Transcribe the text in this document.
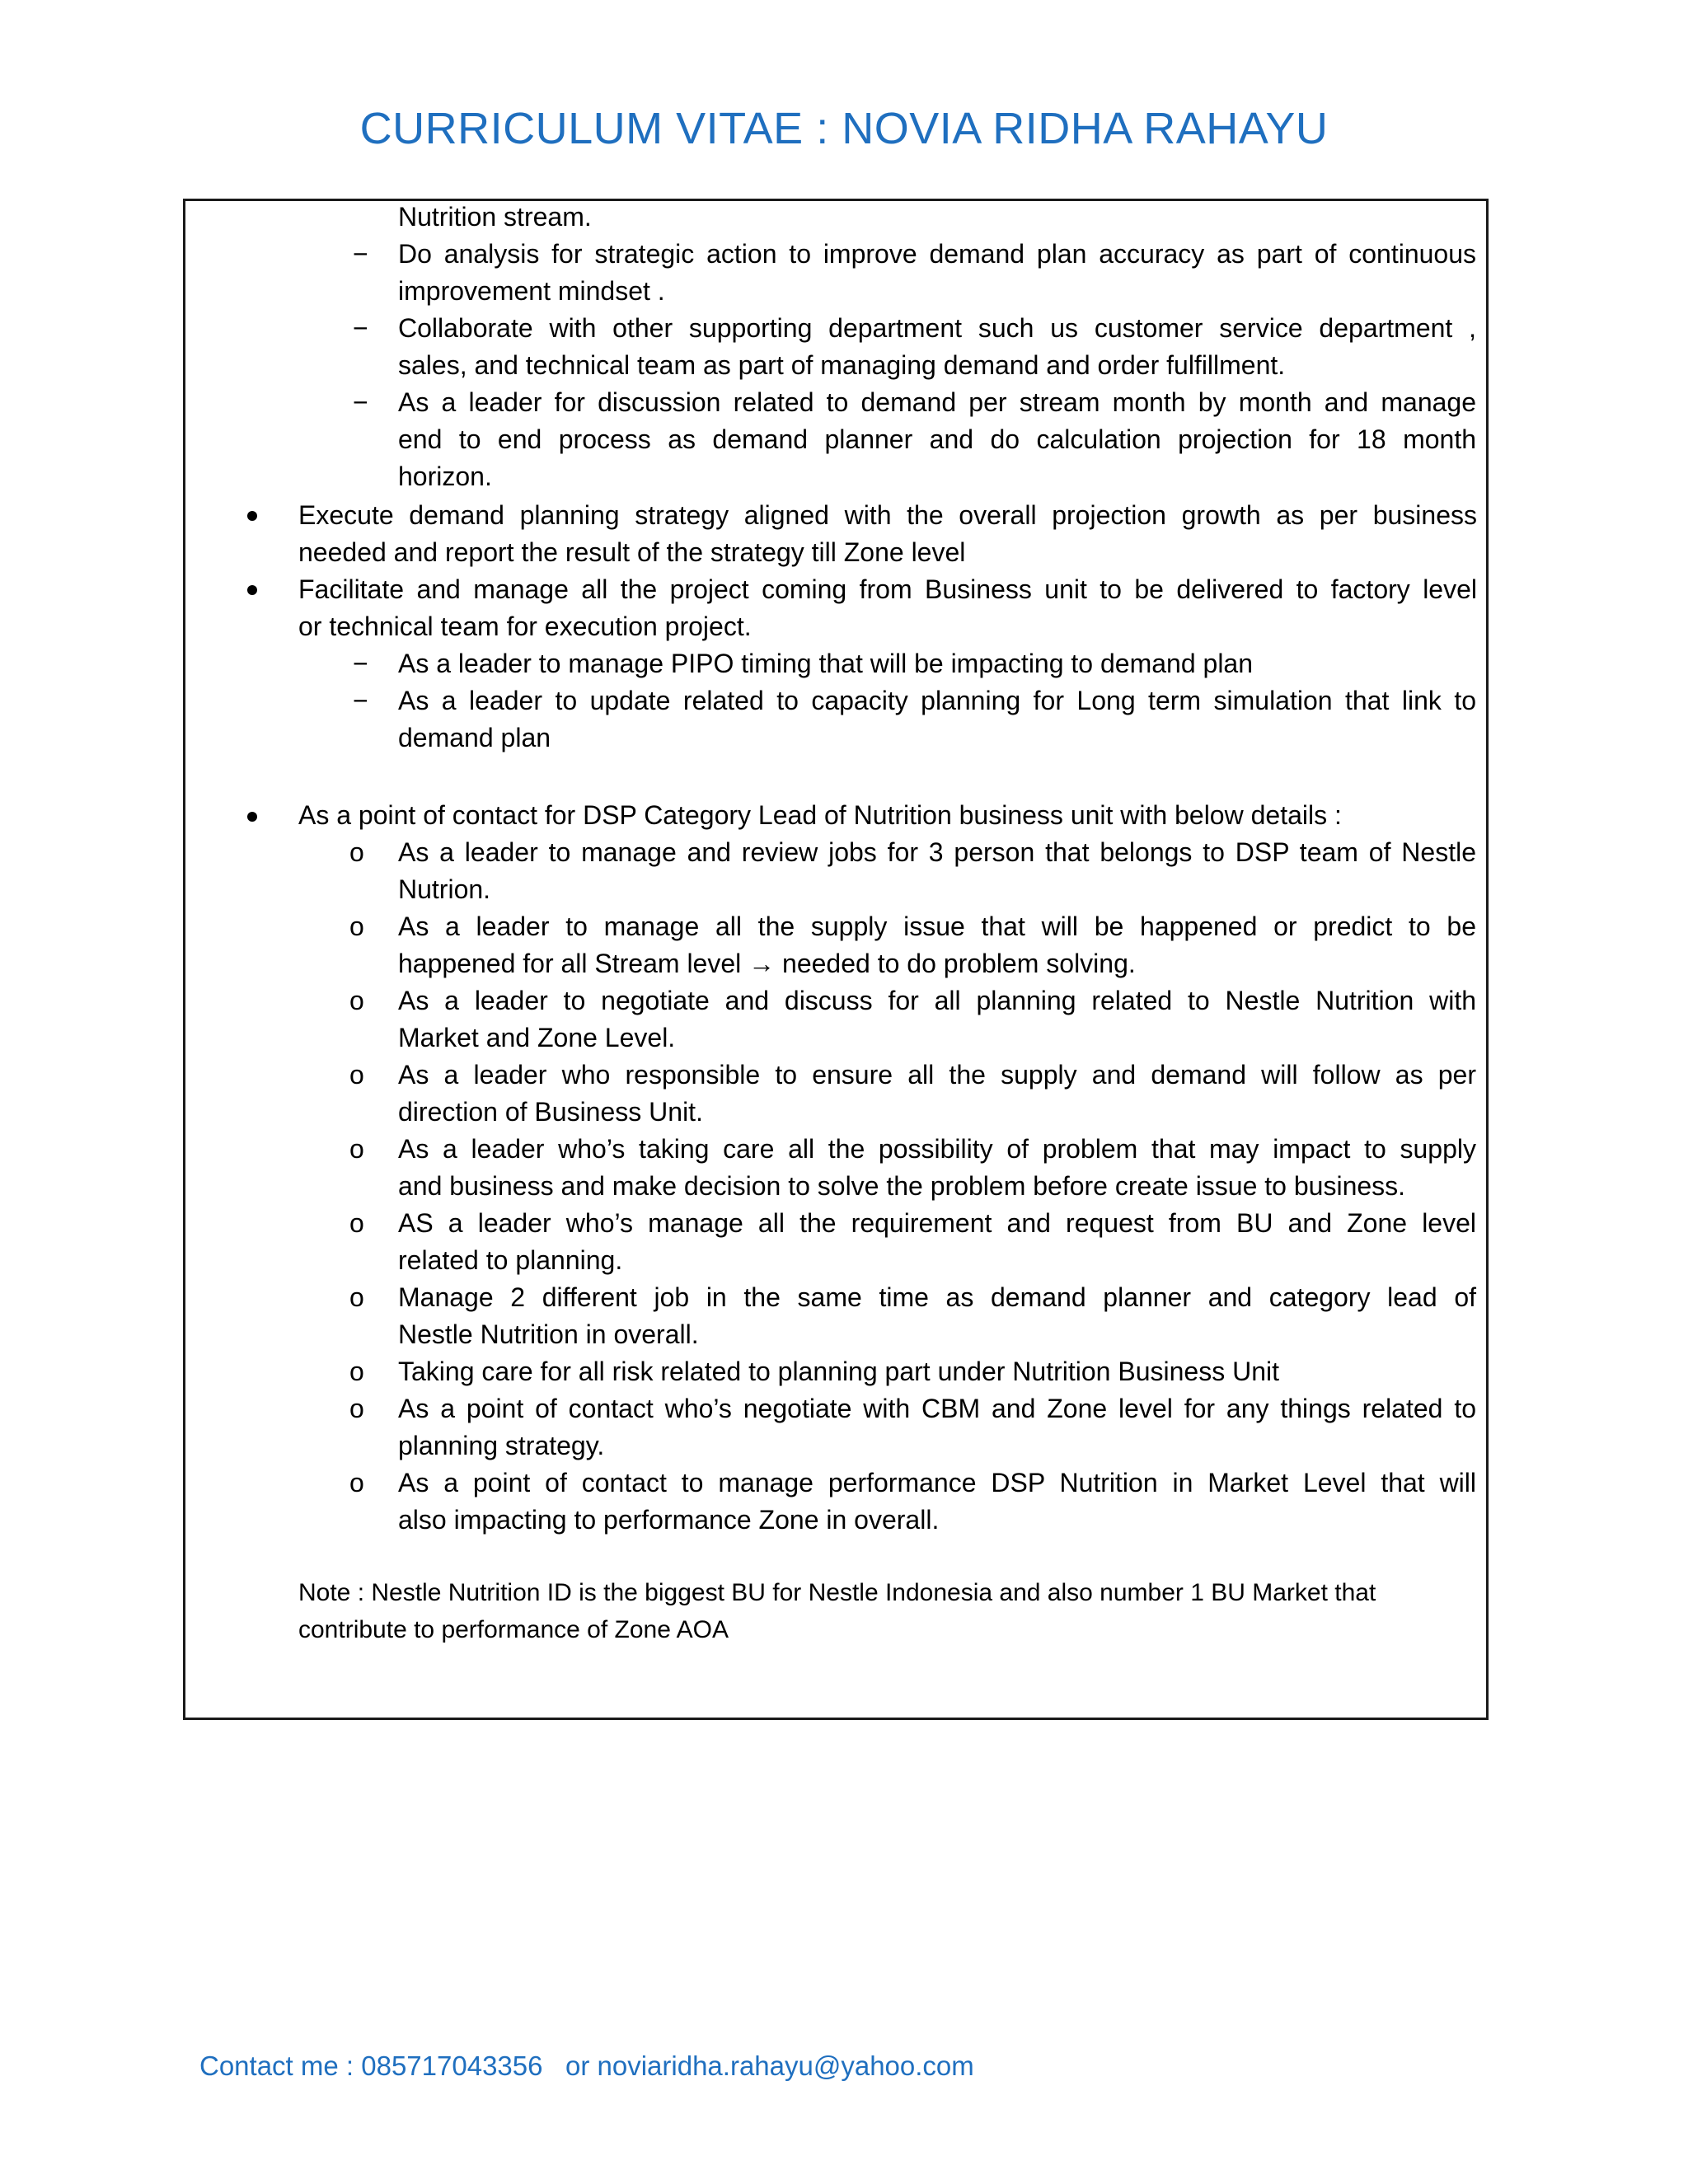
CURRICULUM VITAE : NOVIA RIDHA RAHAYU
Nutrition stream.
− Do analysis for strategic action to improve demand plan accuracy as part of continuous
improvement mindset .
− Collaborate with other supporting department such us customer service department ,
sales, and technical team as part of managing demand and order fulfillment.
− As a leader for discussion related to demand per stream month by month and manage
end to end process as demand planner and do calculation projection for 18 month
horizon.
Execute demand planning strategy aligned with the overall projection growth as per business
needed and report the result of the strategy till Zone level
Facilitate and manage all the project coming from Business unit to be delivered to factory level
or technical team for execution project.
− As a leader to manage PIPO timing that will be impacting to demand plan
− As a leader to update related to capacity planning for Long term simulation that link to
demand plan
As a point of contact for DSP Category Lead of Nutrition business unit with below details :
o As a leader to manage and review jobs for 3 person that belongs to DSP team of Nestle
Nutrion.
o As a leader to manage all the supply issue that will be happened or predict to be
happened for all Stream level → needed to do problem solving.
o As a leader to negotiate and discuss for all planning related to Nestle Nutrition with
Market and Zone Level.
o As a leader who responsible to ensure all the supply and demand will follow as per
direction of Business Unit.
o As a leader who’s taking care all the possibility of problem that may impact to supply
and business and make decision to solve the problem before create issue to business.
o AS a leader who’s manage all the requirement and request from BU and Zone level
related to planning.
o Manage 2 different job in the same time as demand planner and category lead of
Nestle Nutrition in overall.
o Taking care for all risk related to planning part under Nutrition Business Unit
o As a point of contact who’s negotiate with CBM and Zone level for any things related to
planning strategy.
o As a point of contact to manage performance DSP Nutrition in Market Level that will
also impacting to performance Zone in overall.
Note : Nestle Nutrition ID is the biggest BU for Nestle Indonesia and also number 1 BU Market that
contribute to performance of Zone AOA
Contact me : 085717043356 or noviaridha.rahayu@yahoo.com
